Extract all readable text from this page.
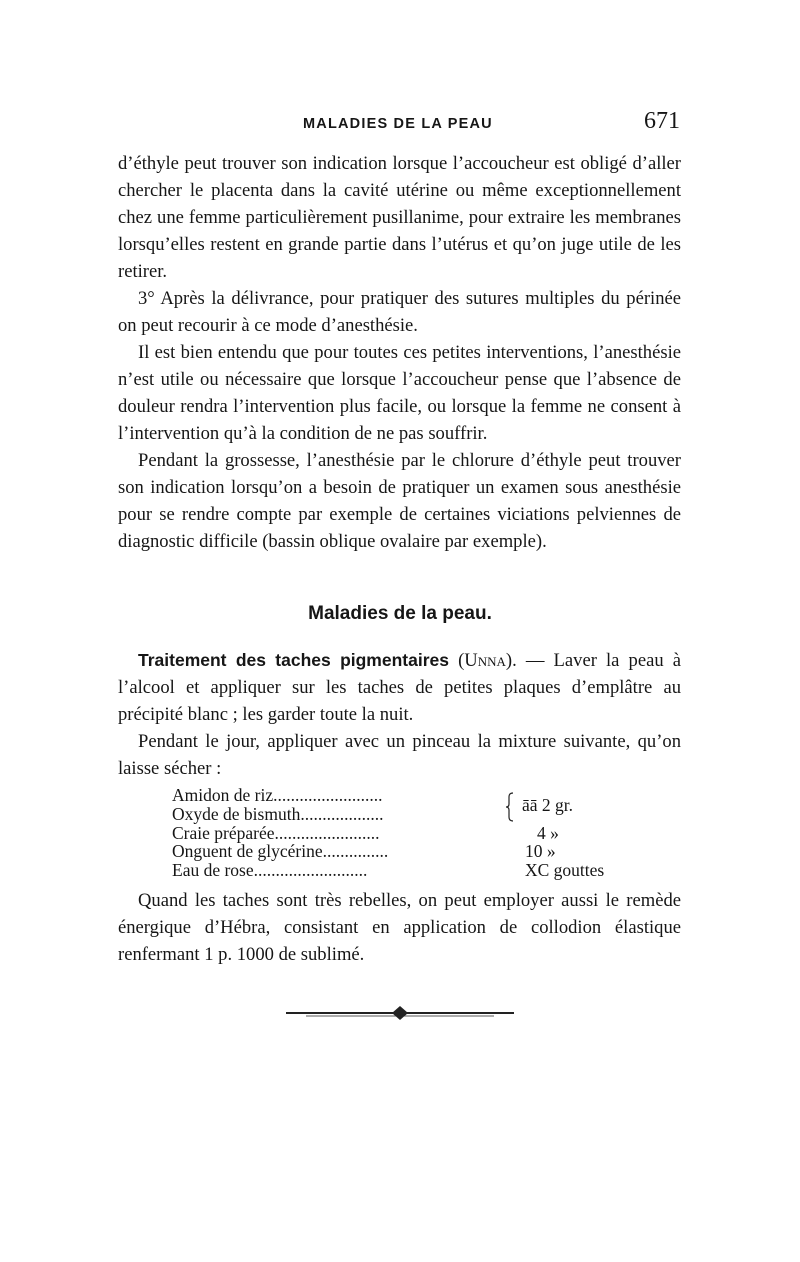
MALADIES DE LA PEAU	671

d’éthyle peut trouver son indication lorsque l’accoucheur est obligé d’aller chercher le placenta dans la cavité utérine ou même exceptionnellement chez une femme particulièrement pusillanime, pour extraire les membranes lorsqu’elles restent en grande partie dans l’utérus et qu’on juge utile de les retirer.

3° Après la délivrance, pour pratiquer des sutures multiples du périnée on peut recourir à ce mode d’anesthésie.

Il est bien entendu que pour toutes ces petites interventions, l’anesthésie n’est utile ou nécessaire que lorsque l’accoucheur pense que l’absence de douleur rendra l’intervention plus facile, ou lorsque la femme ne consent à l’intervention qu’à la condition de ne pas souffrir.

Pendant la grossesse, l’anesthésie par le chlorure d’éthyle peut trouver son indication lorsqu’on a besoin de pratiquer un examen sous anesthésie pour se rendre compte par exemple de certaines viciations pelviennes de diagnostic difficile (bassin oblique ovalaire par exemple).

Maladies de la peau.

Traitement des taches pigmentaires (Unna). — Laver la peau à l’alcool et appliquer sur les taches de petites plaques d’emplâtre au précipité blanc ; les garder toute la nuit.

Pendant le jour, appliquer avec un pinceau la mixture suivante, qu’on laisse sécher :

Amidon de riz.........................
Oxyde de bismuth...................	āā 2 gr.
Craie préparée........................	4 »
Onguent de glycérine...............	10 »
Eau de rose..........................	XC gouttes

Quand les taches sont très rebelles, on peut employer aussi le remède énergique d’Hébra, consistant en application de collodion élastique renfermant 1 p. 1000 de sublimé.
